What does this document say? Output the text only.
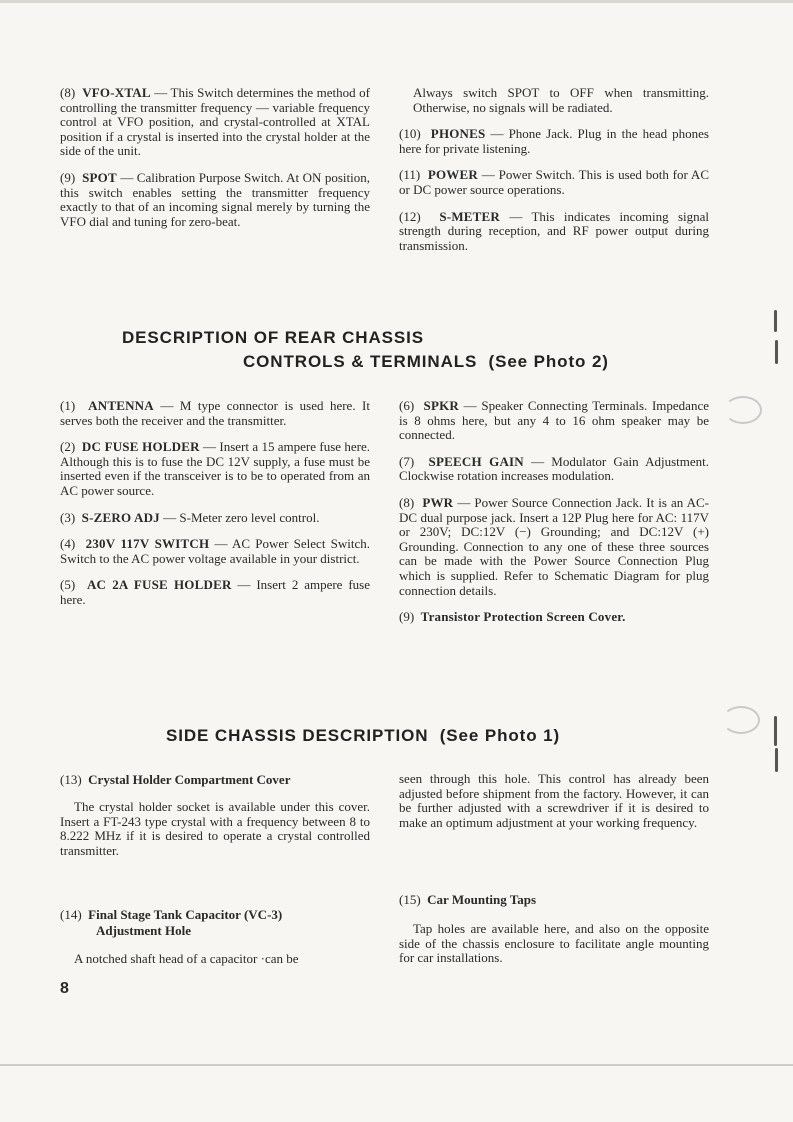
(8) VFO-XTAL — This Switch determines the method of controlling the transmitter frequency — variable frequency control at VFO position, and crystal-controlled at XTAL position if a crystal is inserted into the crystal holder at the side of the unit.

(9) SPOT — Calibration Purpose Switch. At ON position, this switch enables setting the transmitter frequency exactly to that of an incoming signal merely by turning the VFO dial and tuning for zero-beat.

Always switch SPOT to OFF when transmitting. Otherwise, no signals will be radiated.

(10) PHONES — Phone Jack. Plug in the head phones here for private listening.

(11) POWER — Power Switch. This is used both for AC or DC power source operations.

(12) S-METER — This indicates incoming signal strength during reception, and RF power output during transmission.

DESCRIPTION OF REAR CHASSIS
CONTROLS & TERMINALS (See Photo 2)

(1) ANTENNA — M type connector is used here. It serves both the receiver and the transmitter.

(2) DC FUSE HOLDER — Insert a 15 ampere fuse here. Although this is to fuse the DC 12V supply, a fuse must be inserted even if the transceiver is to be to operated from an AC power source.

(3) S-ZERO ADJ — S-Meter zero level control.

(4) 230V 117V SWITCH — AC Power Select Switch. Switch to the AC power voltage available in your district.

(5) AC 2A FUSE HOLDER — Insert 2 ampere fuse here.

(6) SPKR — Speaker Connecting Terminals. Impedance is 8 ohms here, but any 4 to 16 ohm speaker may be connected.

(7) SPEECH GAIN — Modulator Gain Adjustment. Clockwise rotation increases modulation.

(8) PWR — Power Source Connection Jack. It is an AC-DC dual purpose jack. Insert a 12P Plug here for AC: 117V or 230V; DC:12V (−) Grounding; and DC:12V (+) Grounding. Connection to any one of these three sources can be made with the Power Source Connection Plug which is supplied. Refer to Schematic Diagram for plug connection details.

(9) Transistor Protection Screen Cover.

SIDE CHASSIS DESCRIPTION (See Photo 1)
(13) Crystal Holder Compartment Cover

The crystal holder socket is available under this cover. Insert a FT-243 type crystal with a frequency between 8 to 8.222 MHz if it is desired to operate a crystal controlled transmitter.

(14) Final Stage Tank Capacitor (VC-3)
Adjustment Hole

A notched shaft head of a capacitor ·can be

seen through this hole. This control has already been adjusted before shipment from the factory. However, it can be further adjusted with a screwdriver if it is desired to make an optimum adjustment at your working frequency.

(15) Car Mounting Taps

Tap holes are available here, and also on the opposite side of the chassis enclosure to facilitate angle mounting for car installations.

8
